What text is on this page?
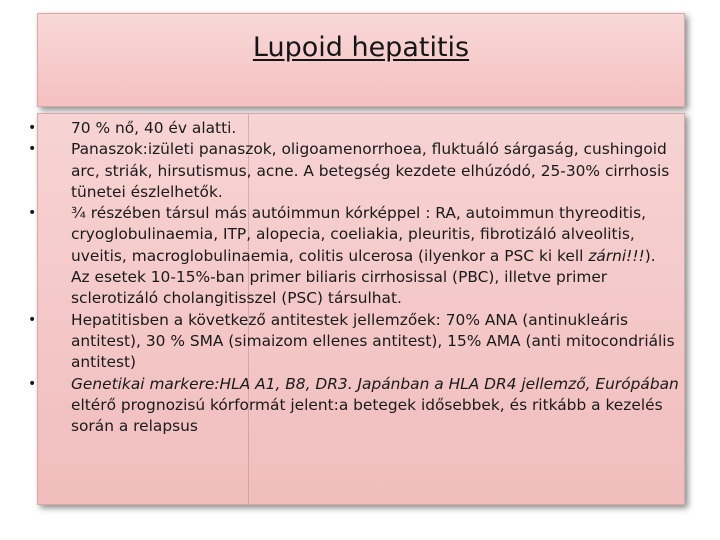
Lupoid hepatitis
• 70 % nő, 40 év alatti.
• Panaszok:izületi panaszok, oligoamenorrhoea, fluktuáló sárgaság, cushingoid arc, striák, hirsutismus, acne. A betegség kezdete elhúzódó, 25-30% cirrhosis tünetei észlelhetők.
• ¾ részében társul más autóimmun kórképpel : RA, autoimmun thyreoditis, cryoglobulinaemia, ITP, alopecia, coeliakia, pleuritis, fibrotizáló alveolitis, uveitis, macroglobulinaemia, colitis ulcerosa (ilyenkor a PSC ki kell zárni!!!).
Az esetek 10-15%-ban primer biliaris cirrhosissal (PBC), illetve primer sclerotizáló cholangitisszel (PSC) társulhat.
• Hepatitisben a következő antitestek jellemzőek: 70% ANA (antinukleáris antitest), 30 % SMA (simaizom ellenes antitest), 15% AMA (anti mitocondriális antitest)
• Genetikai markere:HLA A1, B8, DR3. Japánban a HLA DR4 jellemző, Európában eltérő prognozisú kórformát jelent:a betegek idősebbek, és ritkább a kezelés során a relapsus
